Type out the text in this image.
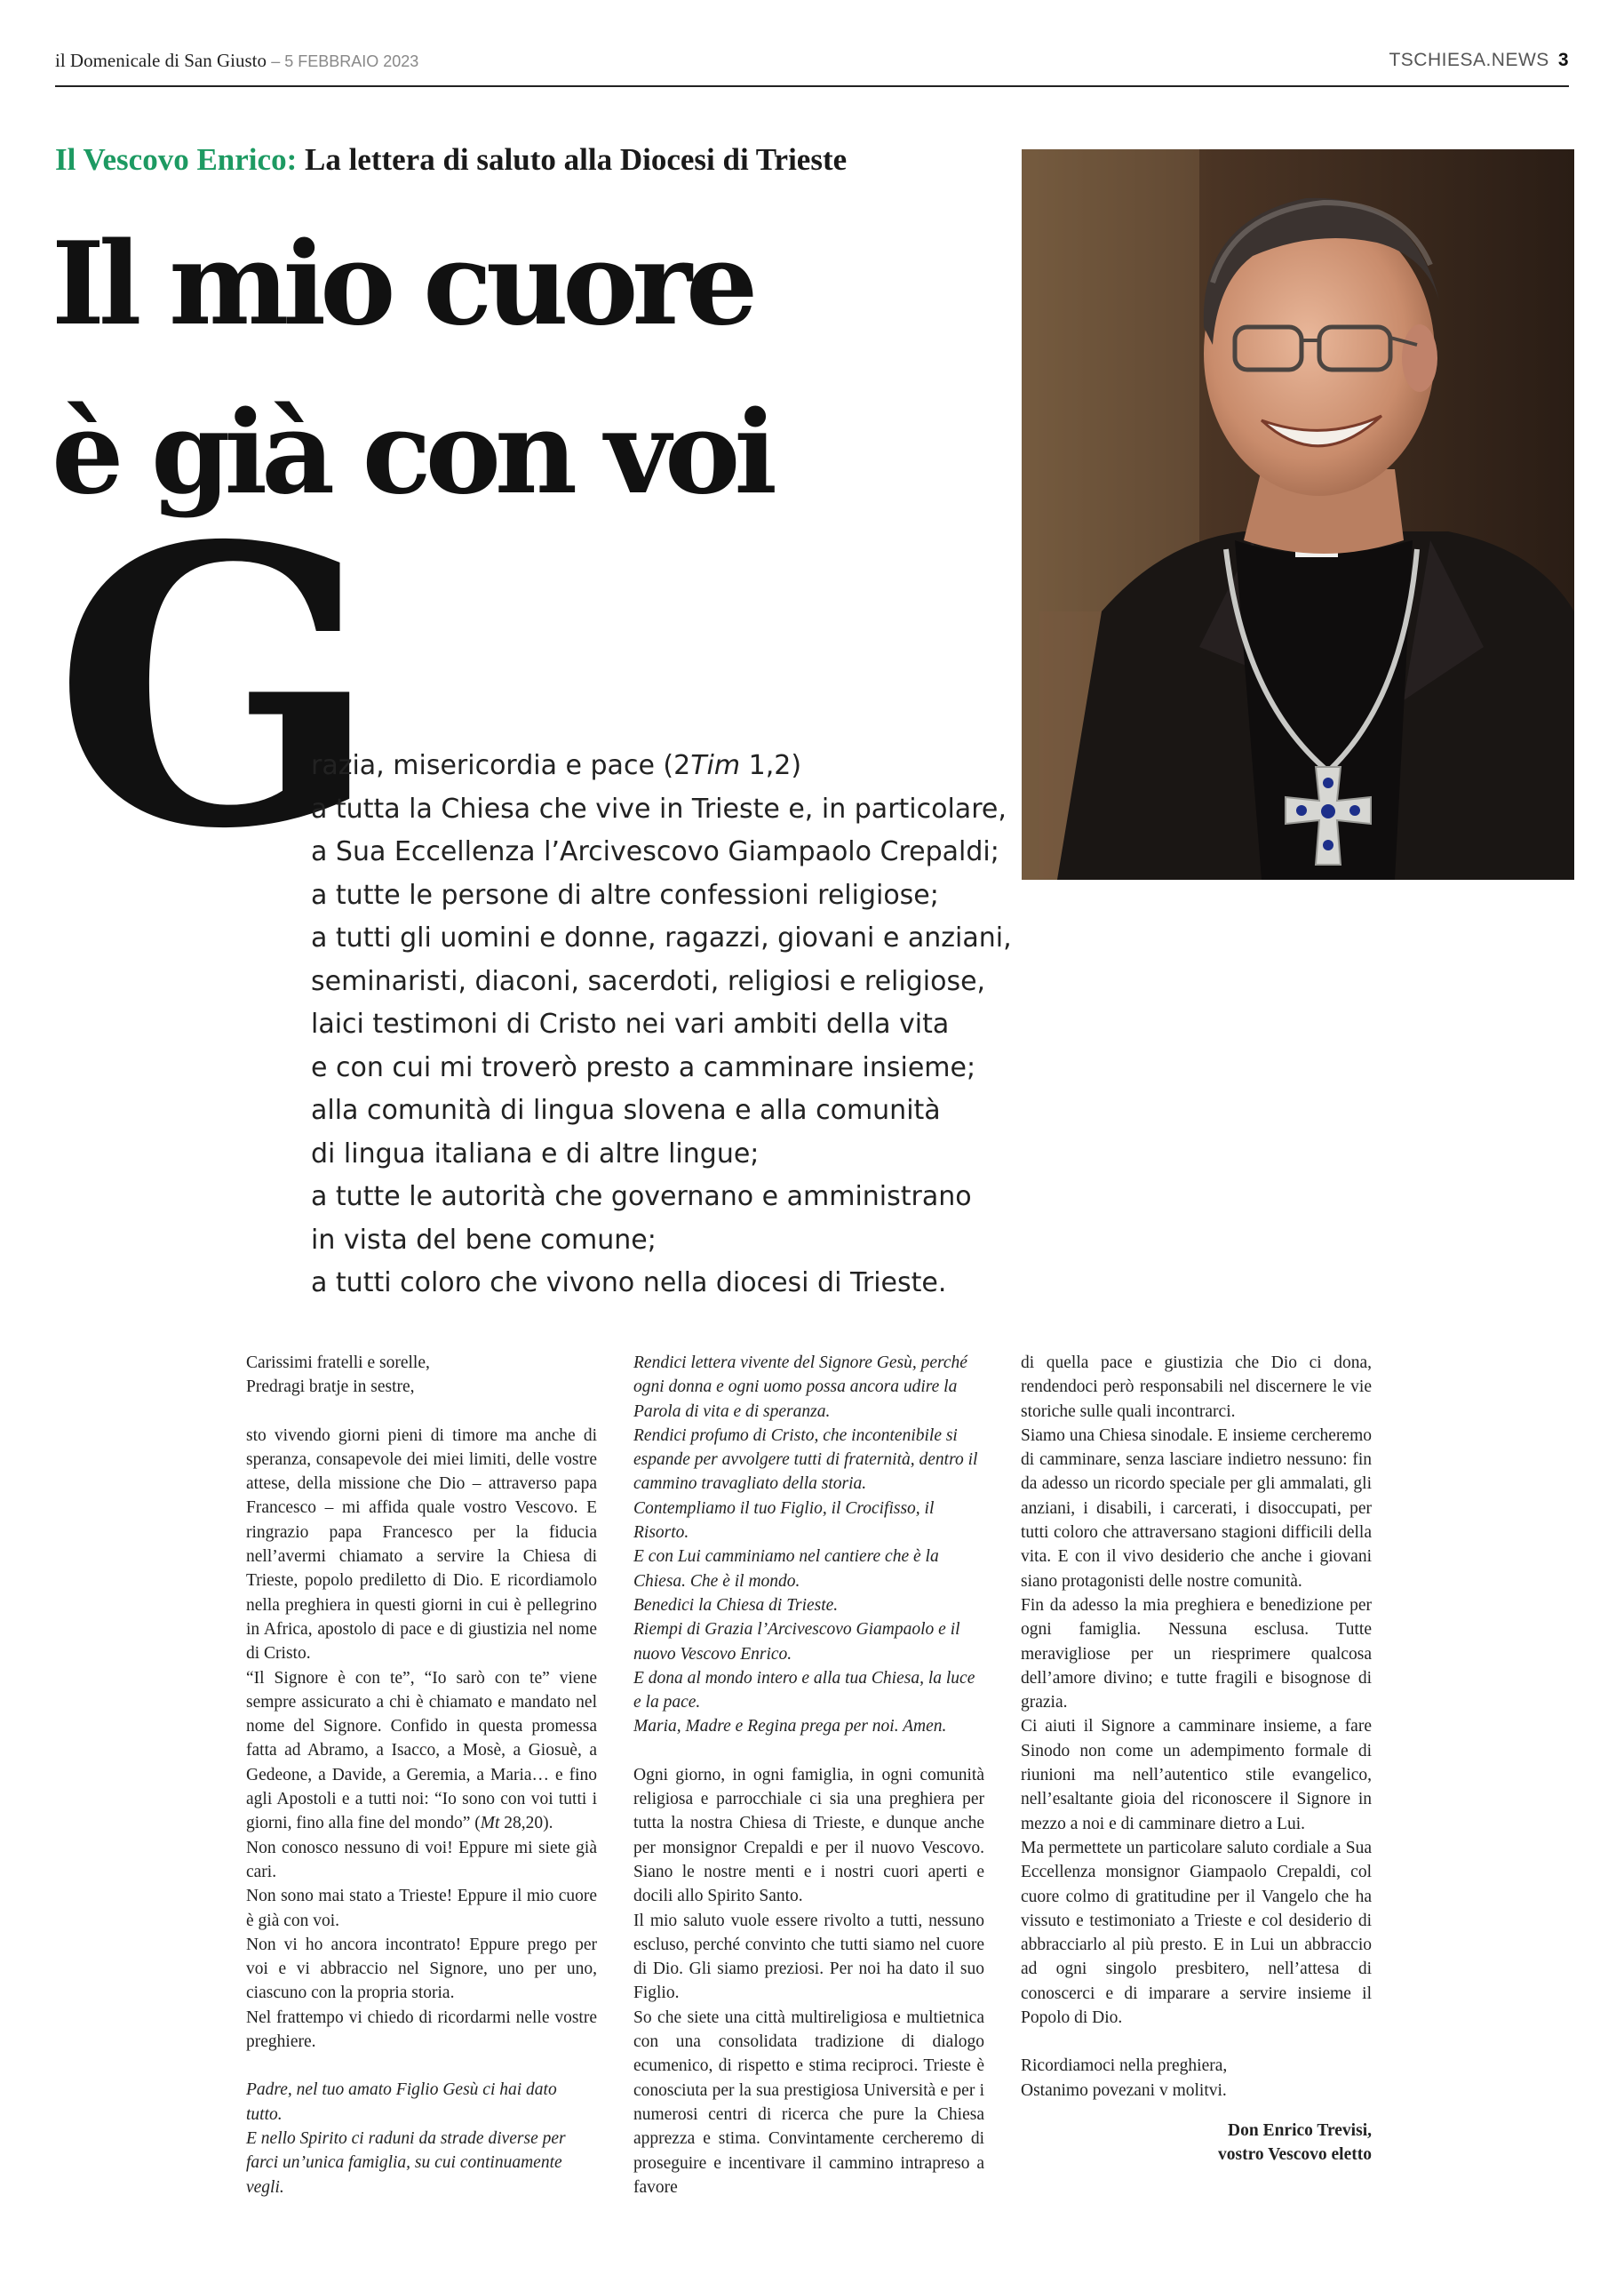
il Domenicale di San Giusto – 5 FEBBRAIO 2023	TSCHIESA.NEWS 3
Il Vescovo Enrico: La lettera di saluto alla Diocesi di Trieste
Il mio cuore
è già con voi
G
razia, misericordia e pace (2Tim 1,2)
a tutta la Chiesa che vive in Trieste e, in particolare,
a Sua Eccellenza l’Arcivescovo Giampaolo Crepaldi;
a tutte le persone di altre confessioni religiose;
a tutti gli uomini e donne, ragazzi, giovani e anziani,
seminaristi, diaconi, sacerdoti, religiosi e religiose,
laici testimoni di Cristo nei vari ambiti della vita
e con cui mi troverò presto a camminare insieme;
alla comunità di lingua slovena e alla comunità
di lingua italiana e di altre lingue;
a tutte le autorità che governano e amministrano
in vista del bene comune;
a tutti coloro che vivono nella diocesi di Trieste.

Carissimi fratelli e sorelle,

Predragi bratje in sestre,

sto vivendo giorni pieni di timore ma anche di speranza, consapevole dei miei limiti, delle vostre attese, della missione che Dio – attraverso papa Francesco – mi affida quale vostro Vescovo. E ringrazio papa Francesco per la fiducia nell’avermi chiamato a servire la Chiesa di Trieste, popolo prediletto di Dio. E ricordiamolo nella preghiera in questi giorni in cui è pellegrino in Africa, apostolo di pace e di giustizia nel nome di Cristo.

“Il Signore è con te”, “Io sarò con te” viene sempre assicurato a chi è chiamato e mandato nel nome del Signore. Confido in questa promessa fatta ad Abramo, a Isacco, a Mosè, a Giosuè, a Gedeone, a Davide, a Geremia, a Maria… e fino agli Apostoli e a tutti noi: “Io sono con voi tutti i giorni, fino alla fine del mondo” (Mt 28,20).

Non conosco nessuno di voi! Eppure mi siete già cari.

Non sono mai stato a Trieste! Eppure il mio cuore è già con voi.

Non vi ho ancora incontrato! Eppure prego per voi e vi abbraccio nel Signore, uno per uno, ciascuno con la propria storia.

Nel frattempo vi chiedo di ricordarmi nelle vostre preghiere.

Padre, nel tuo amato Figlio Gesù ci hai dato tutto.

E nello Spirito ci raduni da strade diverse per farci un’unica famiglia, su cui continuamente vegli.

Rendici lettera vivente del Signore Gesù, perché ogni donna e ogni uomo possa ancora udire la Parola di vita e di speranza.

Rendici profumo di Cristo, che incontenibile si espande per avvolgere tutti di fraternità, dentro il cammino travagliato della storia.

Contempliamo il tuo Figlio, il Crocifisso, il Risorto.

E con Lui camminiamo nel cantiere che è la Chiesa. Che è il mondo.

Benedici la Chiesa di Trieste.

Riempi di Grazia l’Arcivescovo Giampaolo e il nuovo Vescovo Enrico.

E dona al mondo intero e alla tua Chiesa, la luce e la pace.

Maria, Madre e Regina prega per noi. Amen.

Ogni giorno, in ogni famiglia, in ogni comunità religiosa e parrocchiale ci sia una preghiera per tutta la nostra Chiesa di Trieste, e dunque anche per monsignor Crepaldi e per il nuovo Vescovo. Siano le nostre menti e i nostri cuori aperti e docili allo Spirito Santo.

Il mio saluto vuole essere rivolto a tutti, nessuno escluso, perché convinto che tutti siamo nel cuore di Dio. Gli siamo preziosi. Per noi ha dato il suo Figlio.

So che siete una città multireligiosa e multietnica con una consolidata tradizione di dialogo ecumenico, di rispetto e stima reciproci. Trieste è conosciuta per la sua prestigiosa Università e per i numerosi centri di ricerca che pure la Chiesa apprezza e stima. Convintamente cercheremo di proseguire e incentivare il cammino intrapreso a favore

di quella pace e giustizia che Dio ci dona, rendendoci però responsabili nel discernere le vie storiche sulle quali incontrarci.

Siamo una Chiesa sinodale. E insieme cercheremo di camminare, senza lasciare indietro nessuno: fin da adesso un ricordo speciale per gli ammalati, gli anziani, i disabili, i carcerati, i disoccupati, per tutti coloro che attraversano stagioni difficili della vita. E con il vivo desiderio che anche i giovani siano protagonisti delle nostre comunità.

Fin da adesso la mia preghiera e benedizione per ogni famiglia. Nessuna esclusa. Tutte meravigliose per un riesprimere qualcosa dell’amore divino; e tutte fragili e bisognose di grazia.

Ci aiuti il Signore a camminare insieme, a fare Sinodo non come un adempimento formale di riunioni ma nell’autentico stile evangelico, nell’esaltante gioia del riconoscere il Signore in mezzo a noi e di camminare dietro a Lui.

Ma permettete un particolare saluto cordiale a Sua Eccellenza monsignor Giampaolo Crepaldi, col cuore colmo di gratitudine per il Vangelo che ha vissuto e testimoniato a Trieste e col desiderio di abbracciarlo al più presto. E in Lui un abbraccio ad ogni singolo presbitero, nell’attesa di conoscerci e di imparare a servire insieme il Popolo di Dio.

Ricordiamoci nella preghiera,

Ostanimo povezani v molitvi.

Don Enrico Trevisi,

vostro Vescovo eletto
